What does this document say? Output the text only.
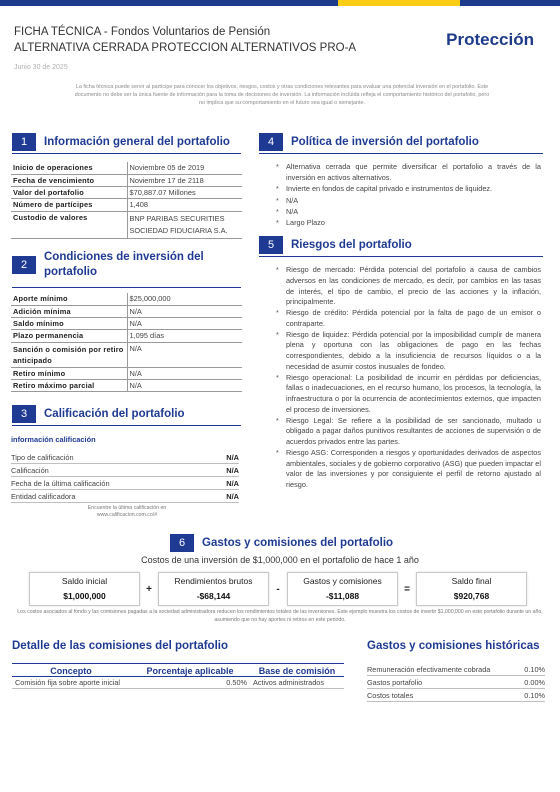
FICHA TÉCNICA - Fondos Voluntarios de Pensión
ALTERNATIVA CERRADA PROTECCION ALTERNATIVOS PRO-A	Protección
Junio 30 de 2025
La ficha técnica puede servir al partícipe para conocer los objetivos, riesgos, costos y otras condiciones relevantes para evaluar una potencial inversión en el portafolio. Este documento no debe ser la única fuente de información para la toma de decisiones de inversión. La información incluida refleja el comportamiento histórico del portafolio, pero no implica que su comportamiento en el futuro sea igual o semejante.
1	Información general del portafolio
Inicio de operaciones	Noviembre 05 de 2019
Fecha de vencimiento	Noviembre 17 de 2118
Valor del portafolio	$70,887.07 Millones
Número de partícipes	1,408
Custodio de valores	BNP PARIBAS SECURITIES SOCIEDAD FIDUCIARIA S.A.
2
Condiciones de inversión del portafolio
Aporte mínimo	$25,000,000
Adición mínima	N/A
Saldo mínimo	N/A
Plazo permanencia	1,095 días
Sanción o comisión por retiro anticipado	N/A
Retiro mínimo	N/A
Retiro máximo parcial	N/A
3	Calificación del portafolio
información calificación
Tipo de calificación	N/A
Calificación	N/A
Fecha de la última calificación	N/A
Entidad calificadora	N/A
Encuentre la última calificación en www.calificacion.com.co/#
4	Política de inversión del portafolio
* Alternativa cerrada que permite diversificar el portafolio a través de la inversión en activos alternativos.
* Invierte en fondos de capital privado e instrumentos de liquidez.
* N/A
* N/A
* Largo Plazo
5	Riesgos del portafolio
* Riesgo de mercado: Pérdida potencial del portafolio a causa de cambios adversos en las condiciones de mercado, es decir, por cambios en las tasas de interés, el tipo de cambio, el precio de las acciones y la inflación, principalmente.
* Riesgo de crédito: Pérdida potencial por la falta de pago de un emisor o contraparte.
* Riesgo de liquidez: Pérdida potencial por la imposibilidad cumplir de manera plena y oportuna con las obligaciones de pago en las fechas correspondientes, debido a la insuficiencia de recursos líquidos o a la necesidad de asumir costos inusuales de fondeo.
* Riesgo operacional: La posibilidad de incurrir en pérdidas por deficiencias, fallas o inadecuaciones, en el recurso humano, los procesos, la tecnología, la infraestructura o por la ocurrencia de acontecimientos externos, que impacten el proceso de inversiones.
* Riesgo Legal: Se refiere a la posibilidad de ser sancionado, multado u obligado a pagar daños punitivos resultantes de acciones de supervisión o de acuerdos privados entre las partes.
* Riesgo ASG: Corresponden a riesgos y oportunidades derivados de aspectos ambientales, sociales y de gobierno corporativo (ASG) que pueden impactar el valor de las inversiones y por consiguiente el perfil de retorno ajustado al riesgo.
6	Gastos y comisiones del portafolio
Costos de una inversión de $1,000,000 en el portafolio de hace 1 año
Saldo inicial
$1,000,000
+
Rendimientos brutos
-$68,144
-
Gastos y comisiones
-$11,088
=
Saldo final
$920,768
Los costos asociados al fondo y las comisiones pagadas a la sociedad administradora reducen los rendimientos totales de las inversiones. Este ejemplo muestra los costos de invertir $1,000,000 en este portafolio durante un año, asumiendo que no hay aportes ni retiros en este periodo.
Detalle de las comisiones del portafolio
Concepto	Porcentaje aplicable	Base de comisión
Comisión fija sobre aporte inicial	0.50%	Activos administrados
Gastos y comisiones históricas
Remuneración efectivamente cobrada	0.10%
Gastos portafolio	0.00%
Costos totales	0.10%
